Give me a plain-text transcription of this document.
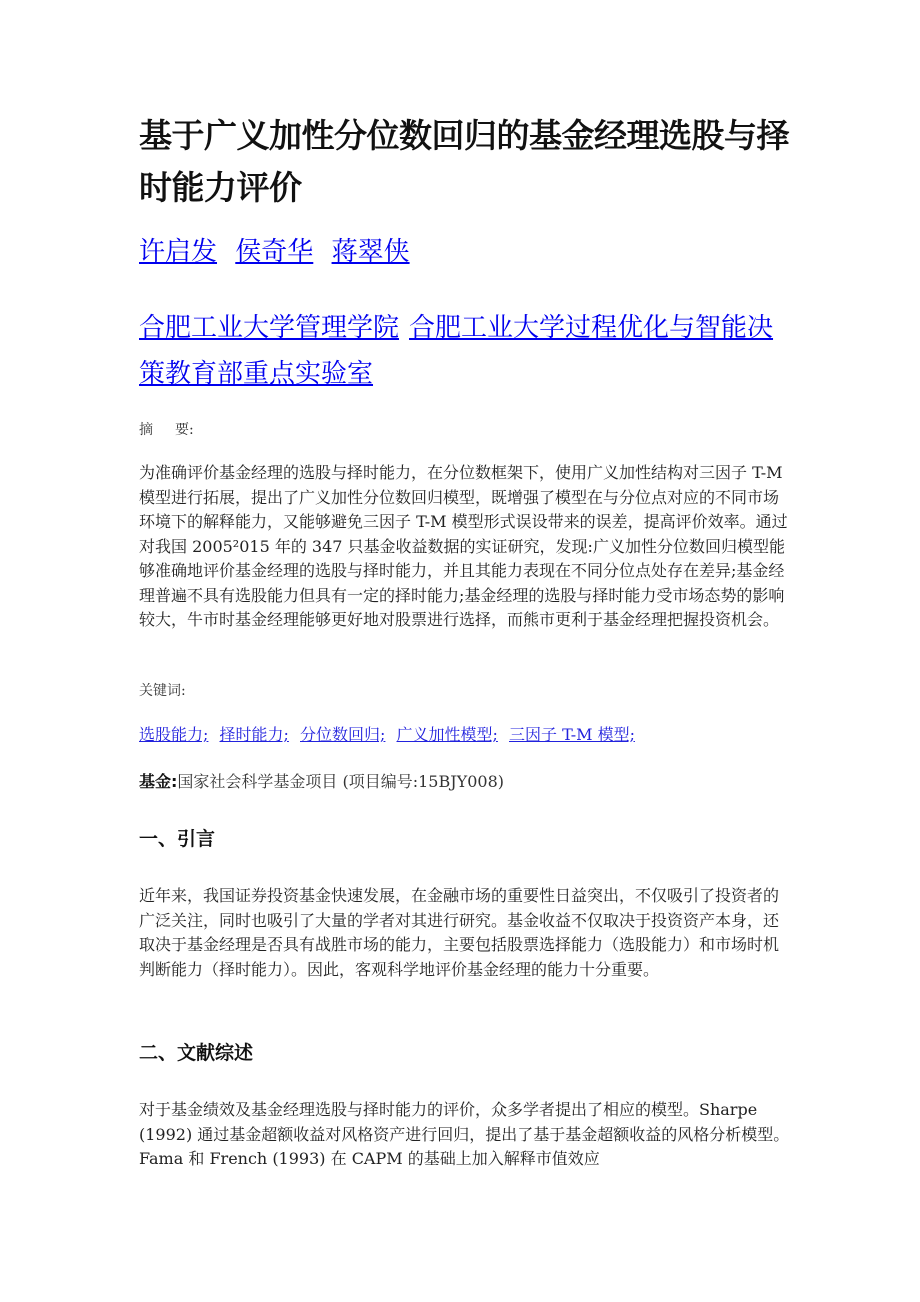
基于广义加性分位数回归的基金经理选股与择时能力评价
许启发 侯奇华 蒋翠侠
合肥工业大学管理学院 合肥工业大学过程优化与智能决策教育部重点实验室
摘 要:

为准确评价基金经理的选股与择时能力，在分位数框架下，使用广义加性结构对三因子 T-M 模型进行拓展，提出了广义加性分位数回归模型，既增强了模型在与分位点对应的不同市场环境下的解释能力，又能够避免三因子 T-M 模型形式误设带来的误差，提高评价效率。通过对我国 2005²015 年的 347 只基金收益数据的实证研究，发现:广义加性分位数回归模型能够准确地评价基金经理的选股与择时能力，并且其能力表现在不同分位点处存在差异;基金经理普遍不具有选股能力但具有一定的择时能力;基金经理的选股与择时能力受市场态势的影响较大，牛市时基金经理能够更好地对股票进行选择，而熊市更利于基金经理把握投资机会。

关键词:
选股能力; 择时能力; 分位数回归; 广义加性模型; 三因子 T-M 模型;
基金:国家社会科学基金项目 (项目编号:15BJY008)
一、引言

近年来，我国证券投资基金快速发展，在金融市场的重要性日益突出，不仅吸引了投资者的广泛关注，同时也吸引了大量的学者对其进行研究。基金收益不仅取决于投资资产本身，还取决于基金经理是否具有战胜市场的能力，主要包括股票选择能力（选股能力）和市场时机判断能力（择时能力）。因此，客观科学地评价基金经理的能力十分重要。

二、文献综述

对于基金绩效及基金经理选股与择时能力的评价，众多学者提出了相应的模型。Sharpe (1992) 通过基金超额收益对风格资产进行回归，提出了基于基金超额收益的风格分析模型。Fama 和 French (1993) 在 CAPM 的基础上加入解释市值效应
